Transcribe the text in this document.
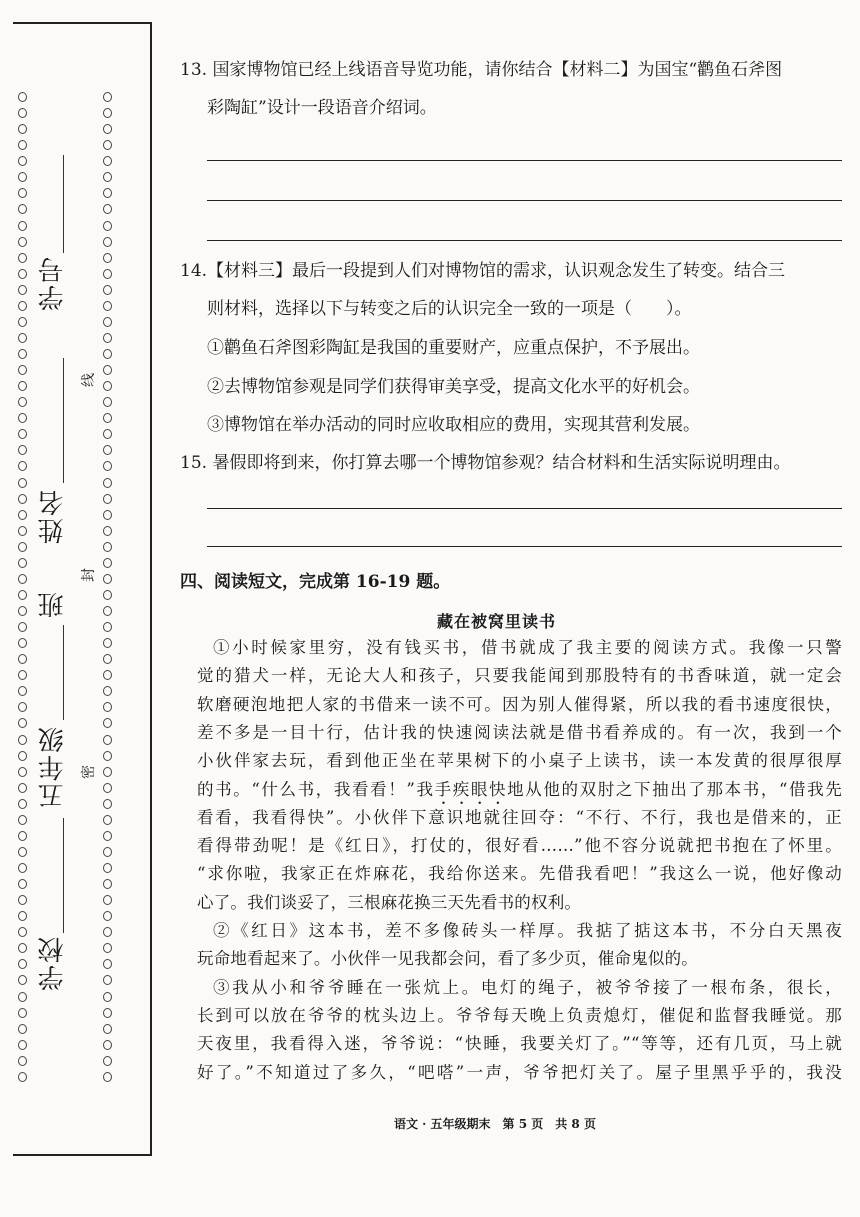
学校
五年级
班
姓名
学号
密
封
线
13. 国家博物馆已经上线语音导览功能，请你结合【材料二】为国宝“鹳鱼石斧图
彩陶缸”设计一段语音介绍词。
14.【材料三】最后一段提到人们对博物馆的需求，认识观念发生了转变。结合三
则材料，选择以下与转变之后的认识完全一致的一项是（　　）。
①鹳鱼石斧图彩陶缸是我国的重要财产，应重点保护，不予展出。
②去博物馆参观是同学们获得审美享受，提高文化水平的好机会。
③博物馆在举办活动的同时应收取相应的费用，实现其营利发展。
15. 暑假即将到来，你打算去哪一个博物馆参观？结合材料和生活实际说明理由。
四、阅读短文，完成第 16-19 题。
藏在被窝里读书
①小时候家里穷，没有钱买书，借书就成了我主要的阅读方式。我像一只警
觉的猎犬一样，无论大人和孩子，只要我能闻到那股特有的书香味道，就一定会
软磨硬泡地把人家的书借来一读不可。因为别人催得紧，所以我的看书速度很快，
差不多是一目十行，估计我的快速阅读法就是借书看养成的。有一次，我到一个
小伙伴家去玩，看到他正坐在苹果树下的小桌子上读书，读一本发黄的很厚很厚
的书。“什么书，我看看！”我手疾眼快地从他的双肘之下抽出了那本书，“借我先
看看，我看得快”。小伙伴下意识地就往回夺：“不行、不行，我也是借来的，正
看得带劲呢！是《红日》，打仗的，很好看……”他不容分说就把书抱在了怀里。
“求你啦，我家正在炸麻花，我给你送来。先借我看吧！”我这么一说，他好像动
心了。我们谈妥了，三根麻花换三天先看书的权利。
②《红日》这本书，差不多像砖头一样厚。我掂了掂这本书，不分白天黑夜
玩命地看起来了。小伙伴一见我都会问，看了多少页，催命鬼似的。
③我从小和爷爷睡在一张炕上。电灯的绳子，被爷爷接了一根布条，很长，
长到可以放在爷爷的枕头边上。爷爷每天晚上负责熄灯，催促和监督我睡觉。那
天夜里，我看得入迷，爷爷说：“快睡，我要关灯了。”“等等，还有几页，马上就
好了。”不知道过了多久，“吧嗒”一声，爷爷把灯关了。屋子里黑乎乎的，我没
语文 · 五年级期末　第 5 页　共 8 页
